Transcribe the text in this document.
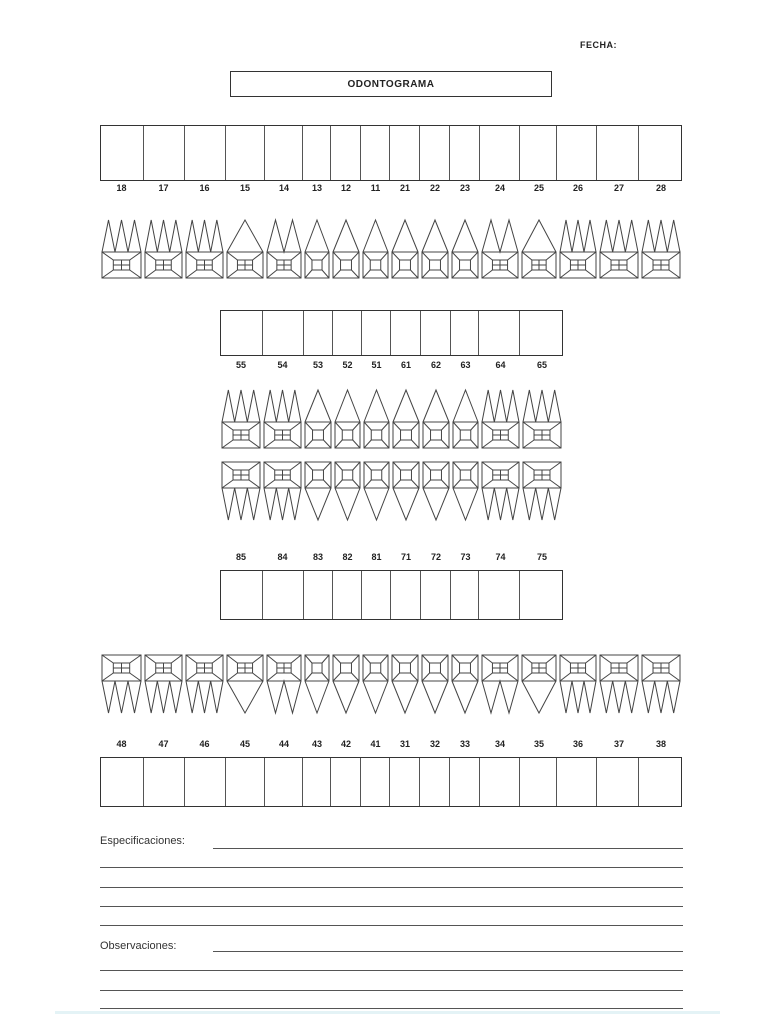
FECHA:
ODONTOGRAMA
18	17	16	15	14	13 12 11 21 22 23	24	25	26	27	28
55	54	53 52 51 61 62 63	64	65
85	84	83 82 81 71 72 73	74	75
48	47	46	45	44	43 42 41 31 32 33	34	35	36	37	38
Especificaciones:
Observaciones:
